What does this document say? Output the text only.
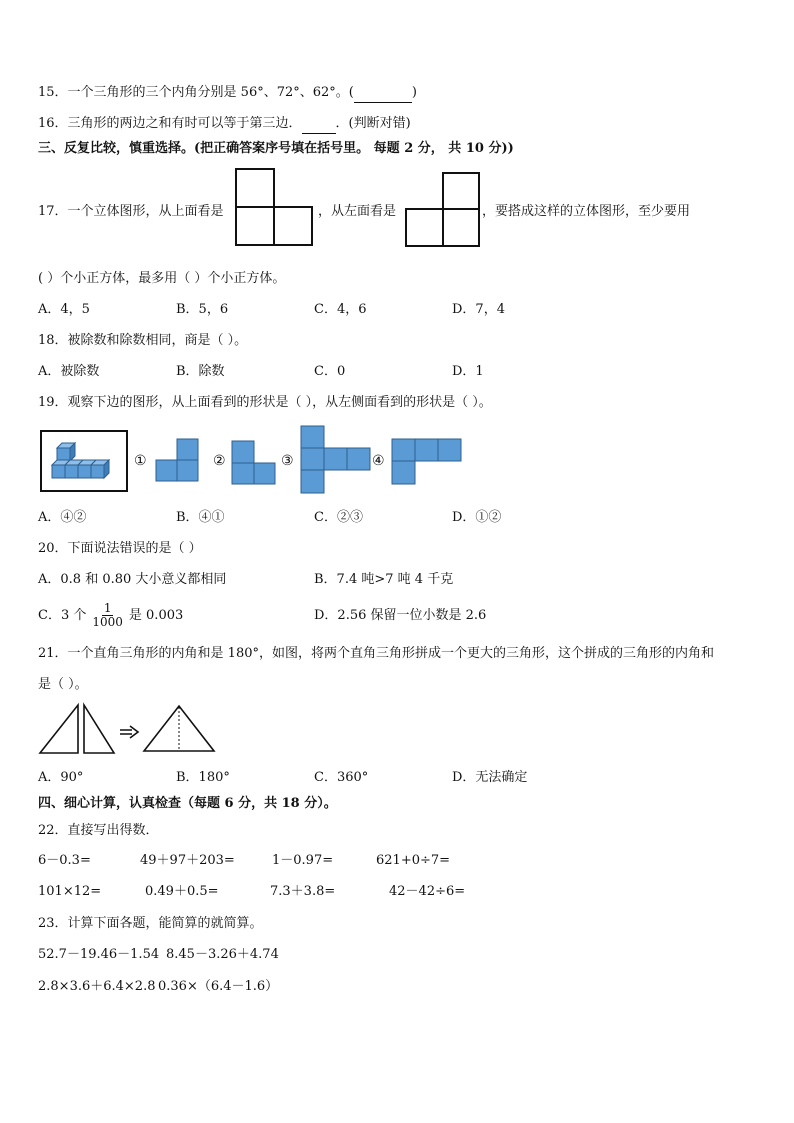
15．一个三角形的三个内角分别是 56°、72°、62°。(	)
16．三角形的两边之和有时可以等于第三边．	．(判断对错)
三、反复比较，慎重选择。(把正确答案序号填在括号里。 每题 2 分， 共 10 分))
17．一个立体图形，从上面看是	，从左面看是	，要搭成这样的立体图形，至少要用
( ）个小正方体，最多用（ ）个小正方体。
A．4，5	B．5，6	C．4，6	D．7，4
18．被除数和除数相同，商是（ ）。
A．被除数	B．除数	C．0	D．1
19．观察下边的图形，从上面看到的形状是（ ），从左侧面看到的形状是（ ）。
①	②	③	④
A．④②	B．④①	C．②③	D．①②
20．下面说法错误的是（ ）
A．0.8 和 0.80 大小意义都相同	B．7.4 吨>7 吨 4 千克
C．3 个 $\frac{1}{1000}$ 是 0.003	D．2.56 保留一位小数是 2.6
21．一个直角三角形的内角和是 180°，如图，将两个直角三角形拼成一个更大的三角形，这个拼成的三角形的内角和
是（ ）。
A．90°	B．180°	C．360°	D．无法确定
四、细心计算，认真检查（每题 6 分，共 18 分）。
22．直接写出得数．
6－0.3=	49＋97＋203=	1－0.97=	621+0÷7=
101×12=	0.49＋0.5=	7.3＋3.8=	42－42÷6=
23．计算下面各题，能简算的就简算。
52.7－19.46－1.54 8.45－3.26＋4.74
2.8×3.6＋6.4×2.8 0.36×（6.4－1.6）
